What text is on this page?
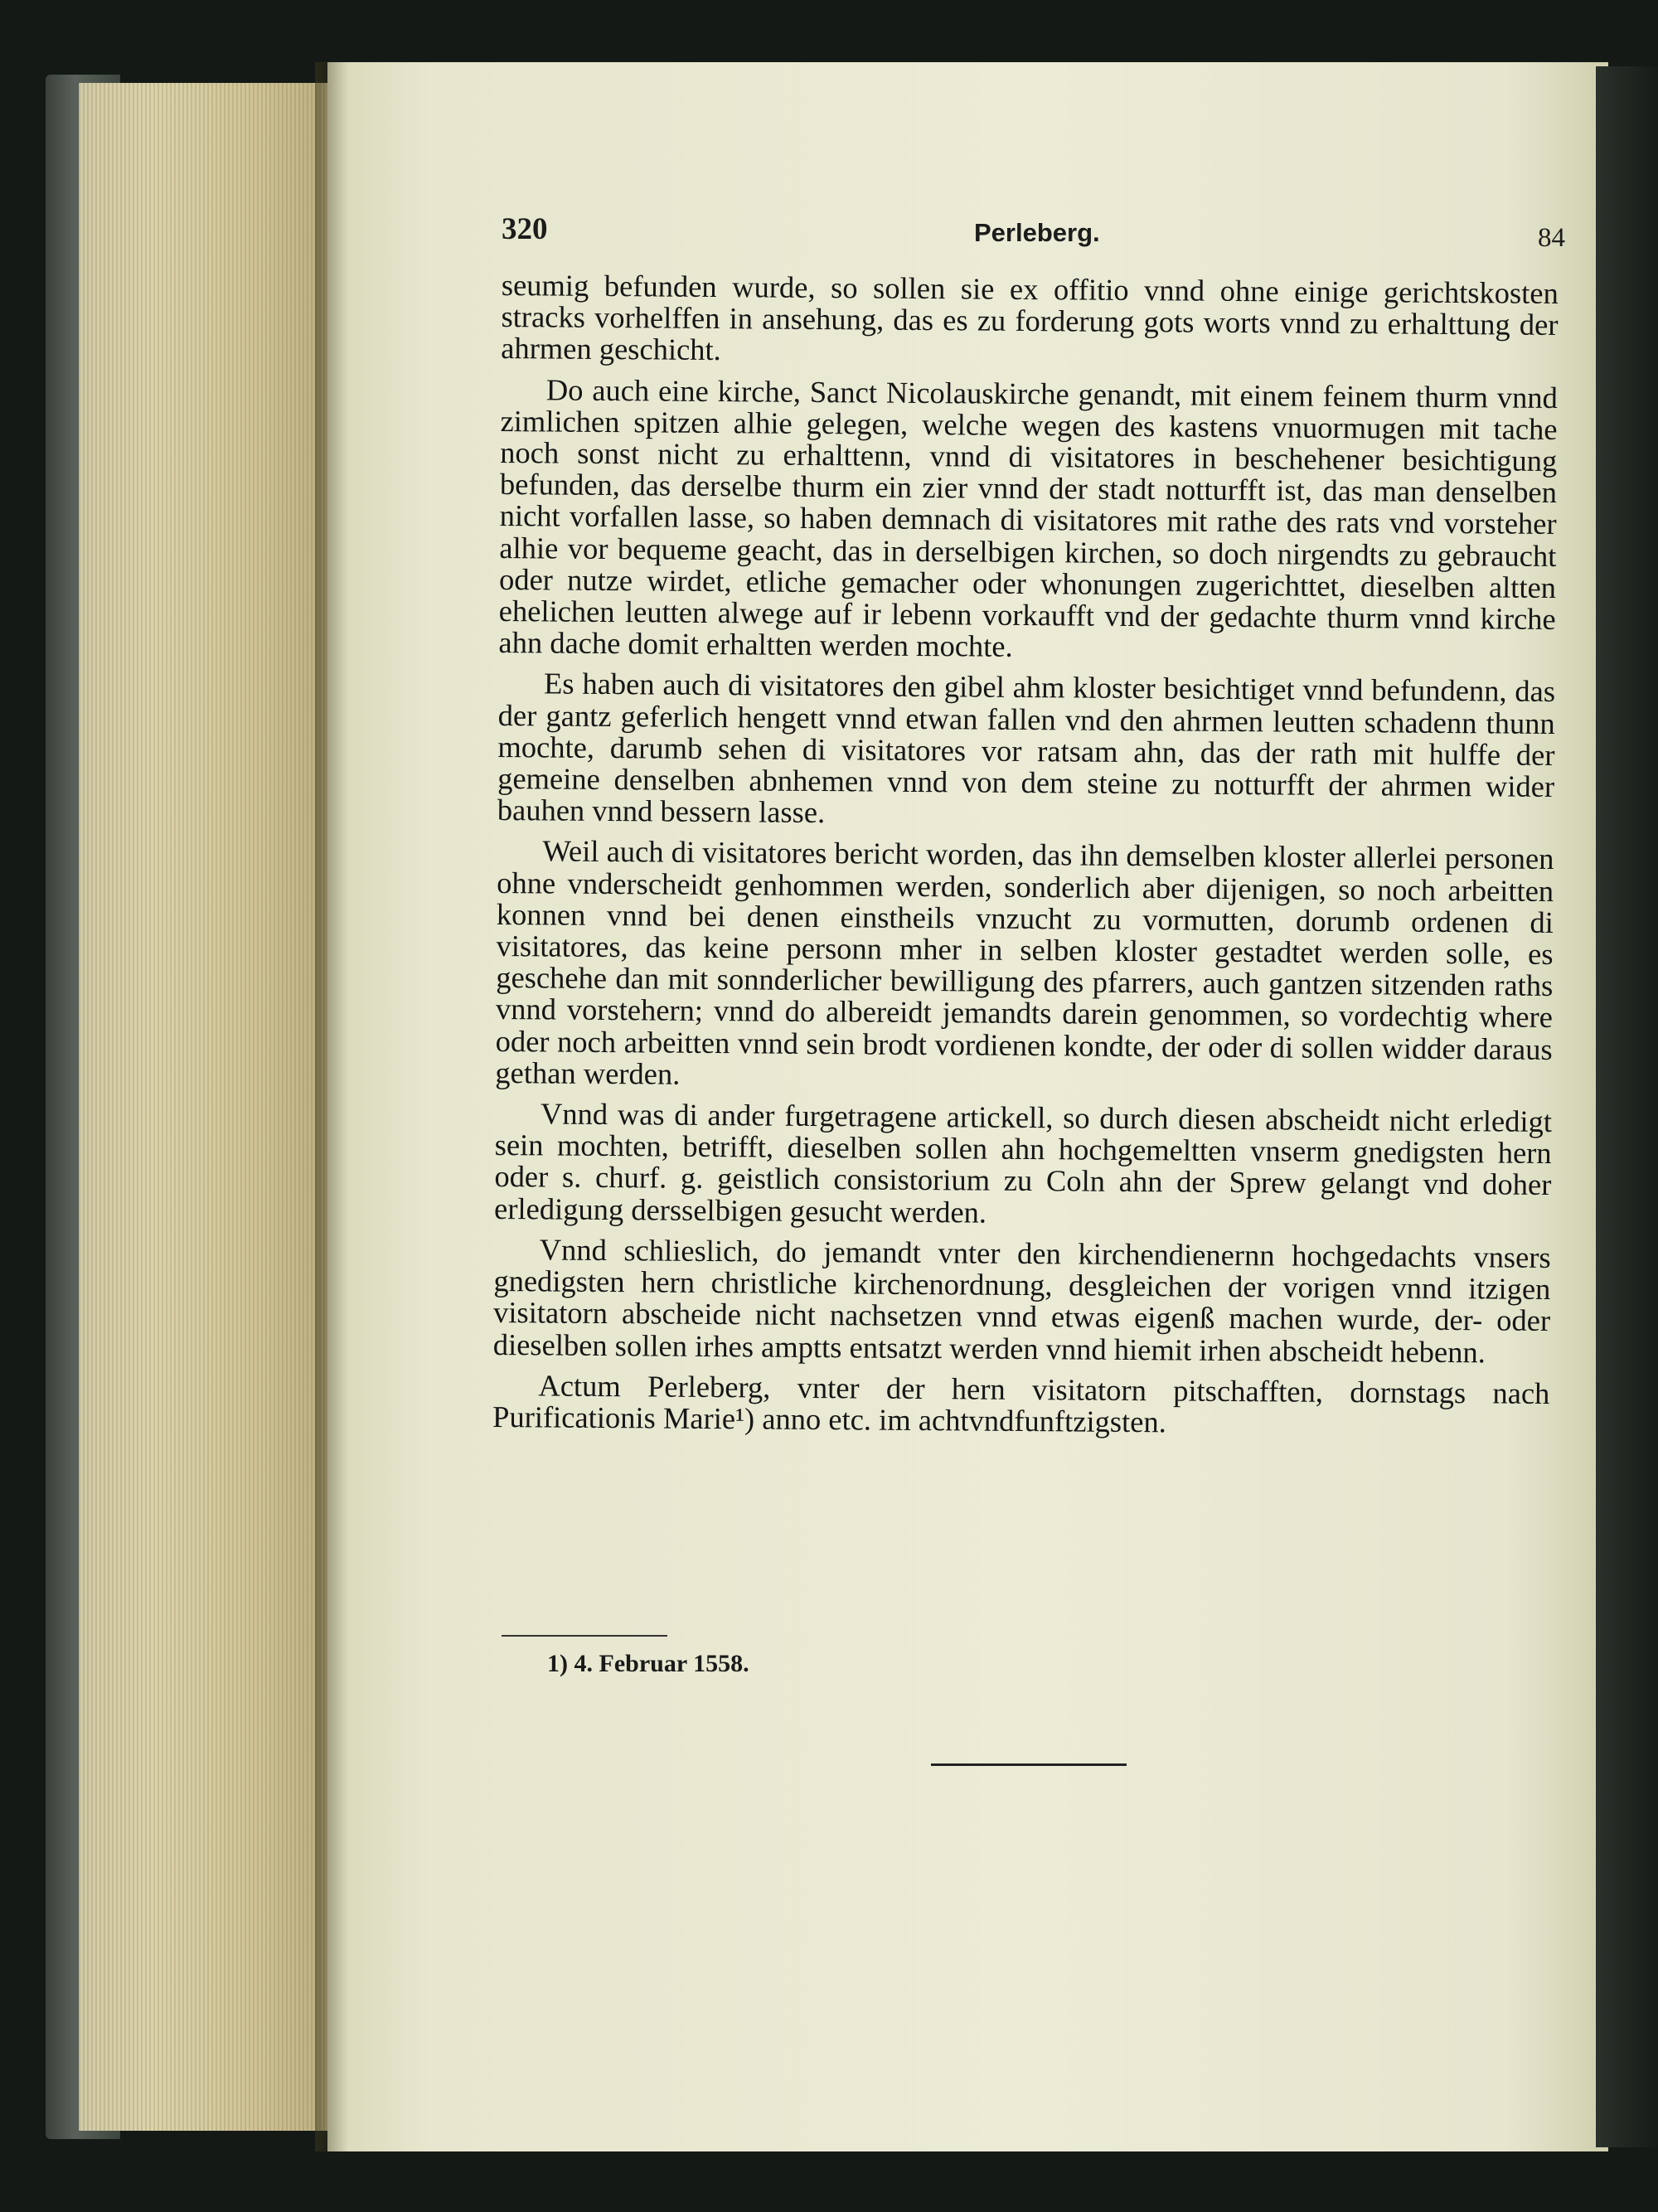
320	Perleberg.	84

seumig befunden wurde, so sollen sie ex offitio vnnd ohne einige gerichtskosten stracks vorhelffen in ansehung, das es zu forderung gots worts vnnd zu erhalttung der ahrmen geschicht.

Do auch eine kirche, Sanct Nicolauskirche genandt, mit einem feinem thurm vnnd zimlichen spitzen alhie gelegen, welche wegen des kastens vnuormugen mit tache noch sonst nicht zu erhalttenn, vnnd di visitatores in beschehener besichtigung befunden, das derselbe thurm ein zier vnnd der stadt notturfft ist, das man denselben nicht vorfallen lasse, so haben demnach di visitatores mit rathe des rats vnd vorsteher alhie vor bequeme geacht, das in derselbigen kirchen, so doch nirgendts zu gebraucht oder nutze wirdet, etliche gemacher oder whonungen zugerichttet, dieselben altten ehelichen leutten alwege auf ir lebenn vorkaufft vnd der gedachte thurm vnnd kirche ahn dache domit erhaltten werden mochte.

Es haben auch di visitatores den gibel ahm kloster besichtiget vnnd befundenn, das der gantz geferlich hengett vnnd etwan fallen vnd den ahrmen leutten schadenn thunn mochte, darumb sehen di visitatores vor ratsam ahn, das der rath mit hulffe der gemeine denselben abnhemen vnnd von dem steine zu notturfft der ahrmen wider bauhen vnnd bessern lasse.

Weil auch di visitatores bericht worden, das ihn demselben kloster allerlei personen ohne vnderscheidt genhommen werden, sonderlich aber dijenigen, so noch arbeitten konnen vnnd bei denen einstheils vnzucht zu vormutten, dorumb ordenen di visitatores, das keine personn mher in selben kloster gestadtet werden solle, es geschehe dan mit sonnderlicher bewilligung des pfarrers, auch gantzen sitzenden raths vnnd vorstehern; vnnd do albereidt jemandts darein genommen, so vordechtig where oder noch arbeitten vnnd sein brodt vordienen kondte, der oder di sollen widder daraus gethan werden.

Vnnd was di ander furgetragene artickell, so durch diesen abscheidt nicht erledigt sein mochten, betrifft, dieselben sollen ahn hochgemeltten vnserm gnedigsten hern oder s. churf. g. geistlich consistorium zu Coln ahn der Sprew gelangt vnd doher erledigung dersselbigen gesucht werden.

Vnnd schlieslich, do jemandt vnter den kirchendienernn hochgedachts vnsers gnedigsten hern christliche kirchenordnung, desgleichen der vorigen vnnd itzigen visitatorn abscheide nicht nachsetzen vnnd etwas eigenß machen wurde, der- oder dieselben sollen irhes amptts entsatzt werden vnnd hiemit irhen abscheidt hebenn.

Actum Perleberg, vnter der hern visitatorn pitschafften, dornstags nach Purificationis Marie¹) anno etc. im achtvndfunftzigsten.

1) 4. Februar 1558.
